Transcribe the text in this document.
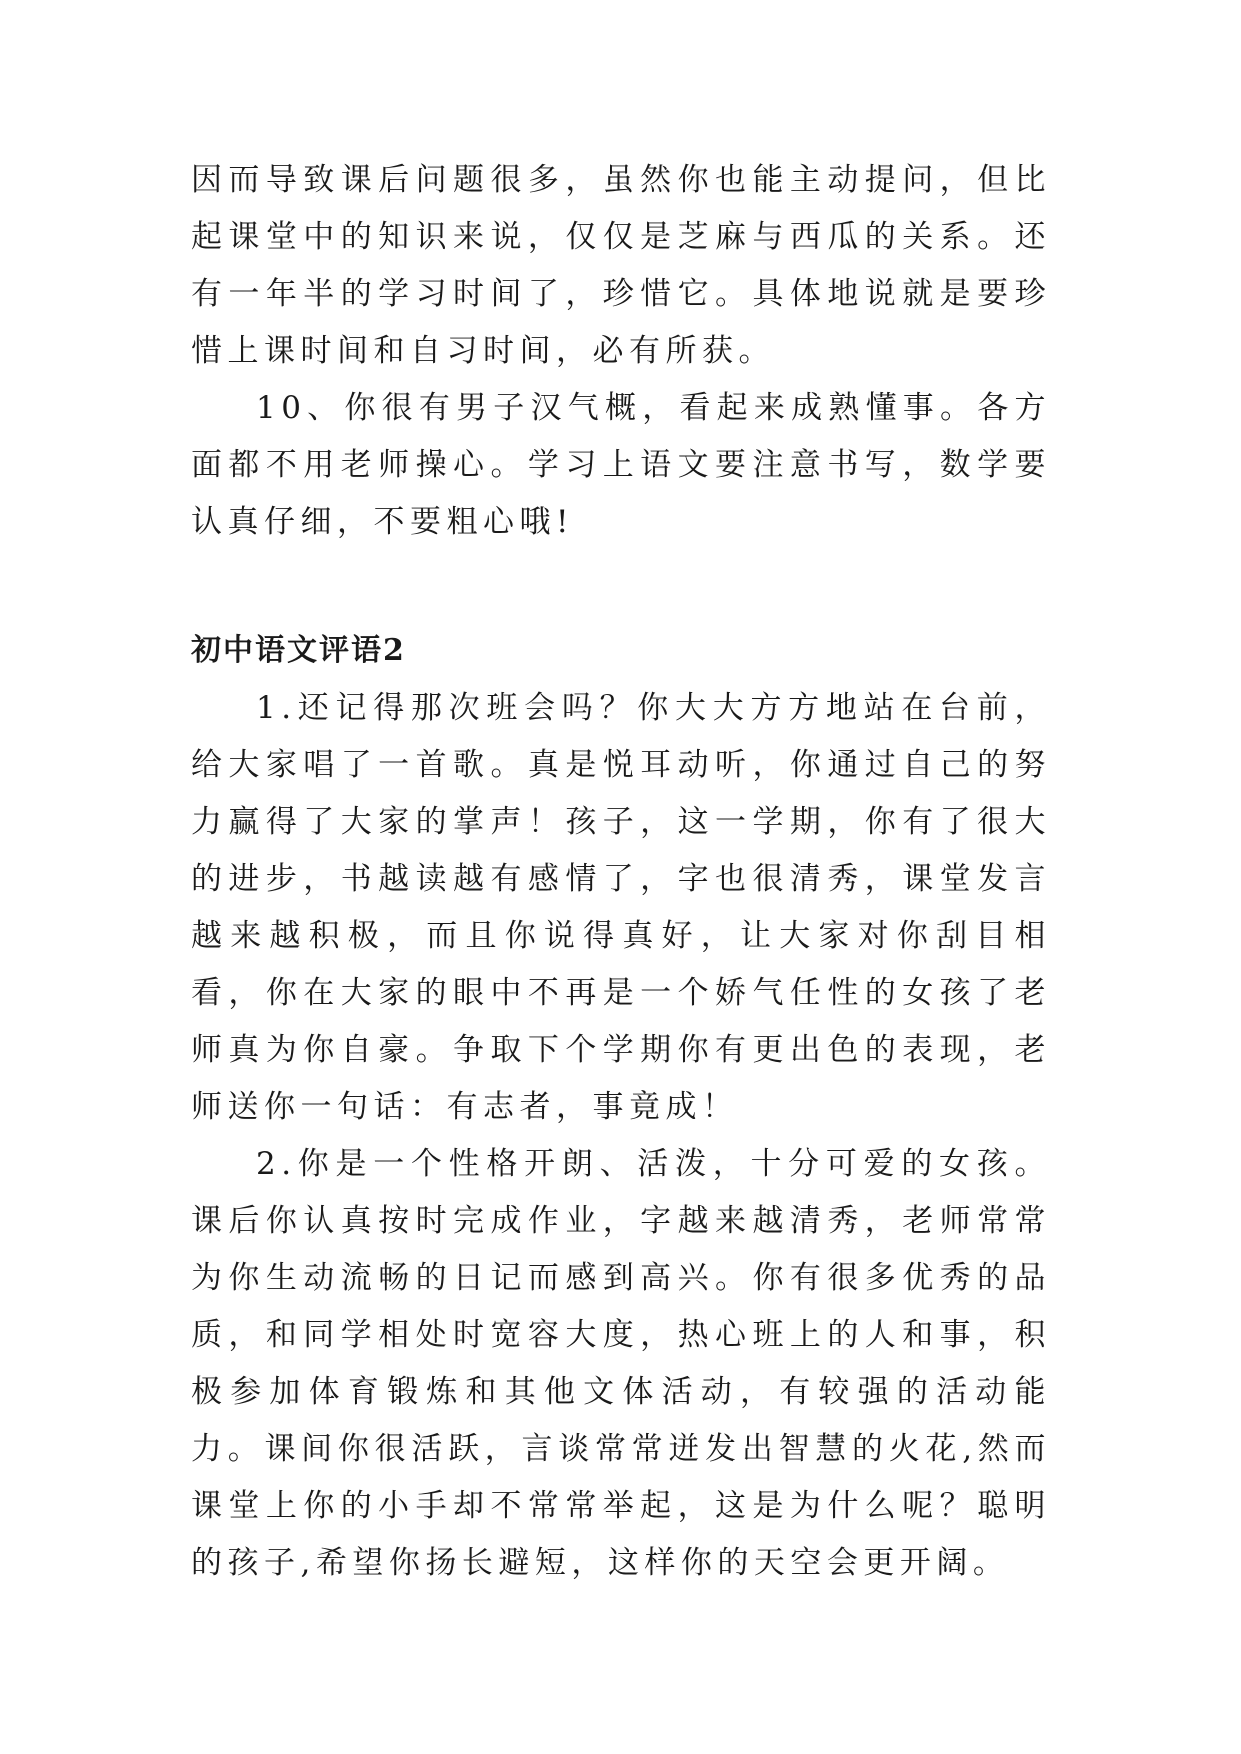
因而导致课后问题很多，虽然你也能主动提问，但比起课堂中的知识来说，仅仅是芝麻与西瓜的关系。还有一年半的学习时间了，珍惜它。具体地说就是要珍惜上课时间和自习时间，必有所获。

10、你很有男子汉气概，看起来成熟懂事。各方面都不用老师操心。学习上语文要注意书写，数学要认真仔细，不要粗心哦!

初中语文评语2

1.还记得那次班会吗？你大大方方地站在台前，给大家唱了一首歌。真是悦耳动听，你通过自己的努力赢得了大家的掌声！孩子，这一学期，你有了很大的进步，书越读越有感情了，字也很清秀，课堂发言越来越积极，而且你说得真好，让大家对你刮目相看，你在大家的眼中不再是一个娇气任性的女孩了老师真为你自豪。争取下个学期你有更出色的表现，老师送你一句话：有志者，事竟成！

2.你是一个性格开朗、活泼，十分可爱的女孩。课后你认真按时完成作业，字越来越清秀，老师常常为你生动流畅的日记而感到高兴。你有很多优秀的品质，和同学相处时宽容大度，热心班上的人和事，积极参加体育锻炼和其他文体活动，有较强的活动能力。课间你很活跃，言谈常常迸发出智慧的火花,然而课堂上你的小手却不常常举起，这是为什么呢？聪明的孩子,希望你扬长避短，这样你的天空会更开阔。
